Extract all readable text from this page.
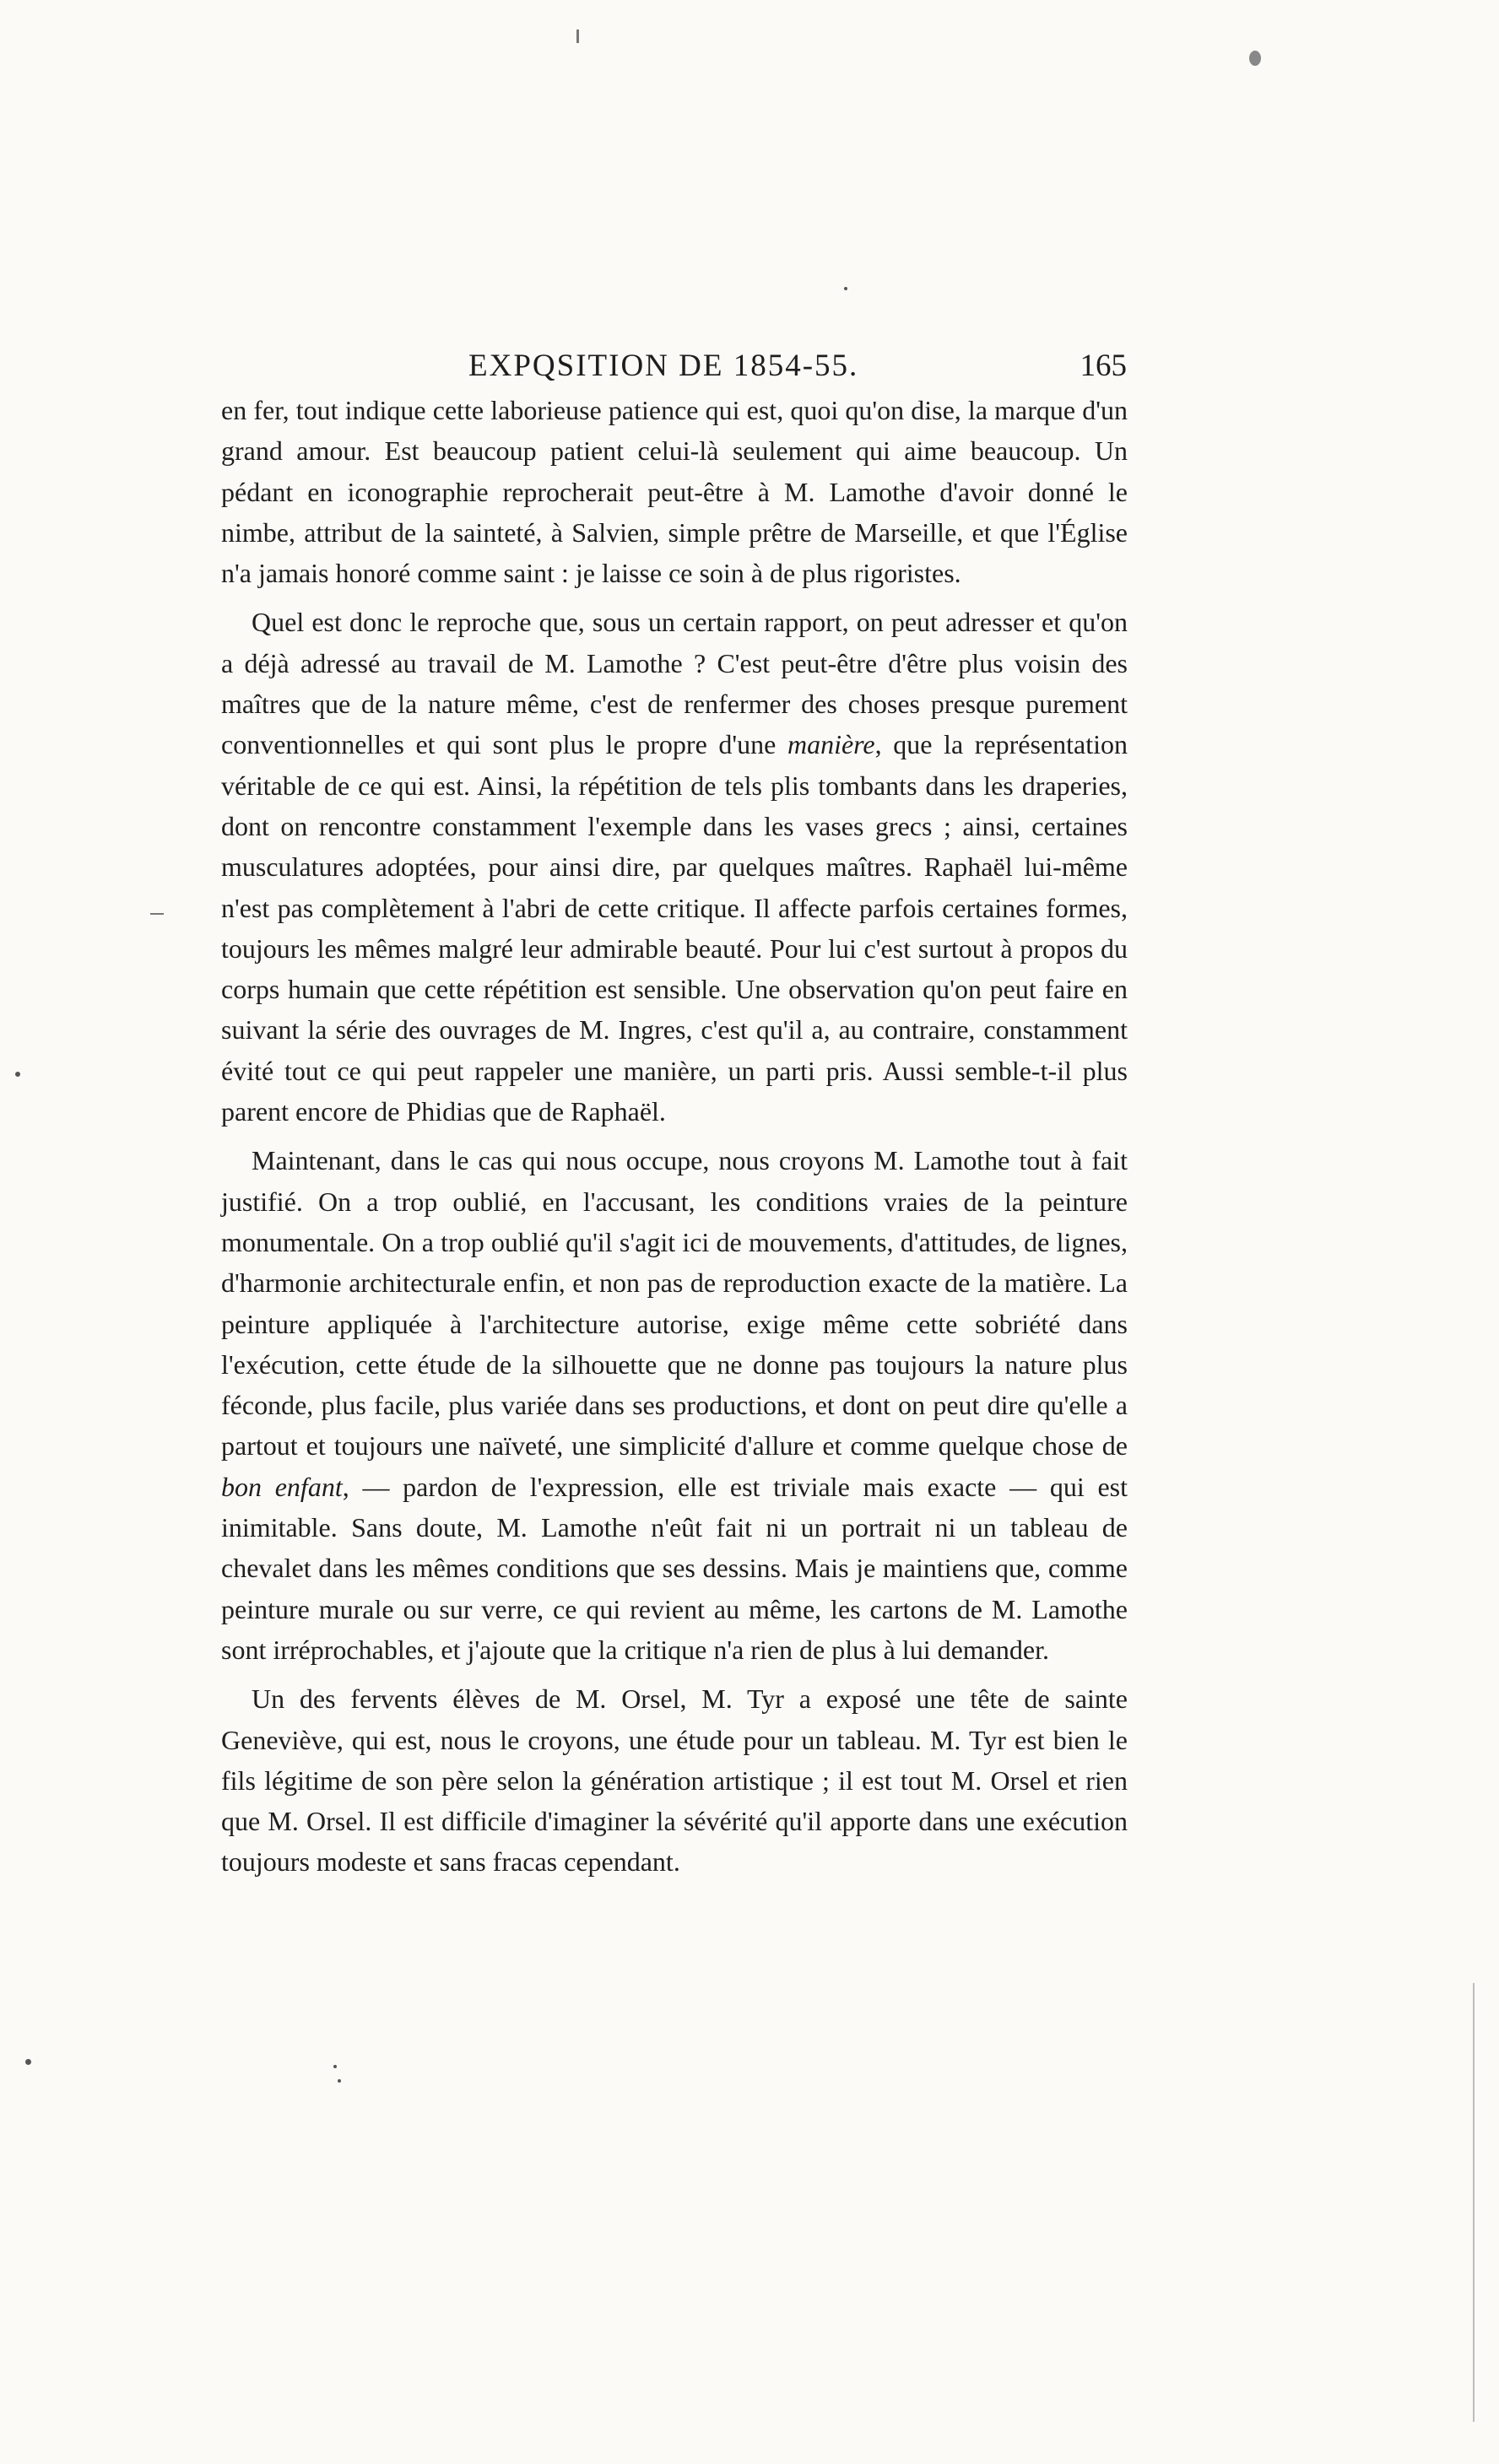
EXPQSITION DE 1854-55.	165

en fer, tout indique cette laborieuse patience qui est, quoi qu'on dise, la marque d'un grand amour. Est beaucoup patient celui-là seulement qui aime beaucoup. Un pédant en iconographie reprocherait peut-être à M. Lamothe d'avoir donné le nimbe, attribut de la sainteté, à Salvien, simple prêtre de Marseille, et que l'Église n'a jamais honoré comme saint : je laisse ce soin à de plus rigoristes.

Quel est donc le reproche que, sous un certain rapport, on peut adresser et qu'on a déjà adressé au travail de M. Lamothe ? C'est peut-être d'être plus voisin des maîtres que de la nature même, c'est de renfermer des choses presque purement conventionnelles et qui sont plus le propre d'une manière, que la représentation véritable de ce qui est. Ainsi, la répétition de tels plis tombants dans les draperies, dont on rencontre constamment l'exemple dans les vases grecs ; ainsi, certaines musculatures adoptées, pour ainsi dire, par quelques maîtres. Raphaël lui-même n'est pas complètement à l'abri de cette critique. Il affecte parfois certaines formes, toujours les mêmes malgré leur admirable beauté. Pour lui c'est surtout à propos du corps humain que cette répétition est sensible. Une observation qu'on peut faire en suivant la série des ouvrages de M. Ingres, c'est qu'il a, au contraire, constamment évité tout ce qui peut rappeler une manière, un parti pris. Aussi semble-t-il plus parent encore de Phidias que de Raphaël.

Maintenant, dans le cas qui nous occupe, nous croyons M. Lamothe tout à fait justifié. On a trop oublié, en l'accusant, les conditions vraies de la peinture monumentale. On a trop oublié qu'il s'agit ici de mouvements, d'attitudes, de lignes, d'harmonie architecturale enfin, et non pas de reproduction exacte de la matière. La peinture appliquée à l'architecture autorise, exige même cette sobriété dans l'exécution, cette étude de la silhouette que ne donne pas toujours la nature plus féconde, plus facile, plus variée dans ses productions, et dont on peut dire qu'elle a partout et toujours une naïveté, une simplicité d'allure et comme quelque chose de bon enfant, — pardon de l'expression, elle est triviale mais exacte — qui est inimitable. Sans doute, M. Lamothe n'eût fait ni un portrait ni un tableau de chevalet dans les mêmes conditions que ses dessins. Mais je maintiens que, comme peinture murale ou sur verre, ce qui revient au même, les cartons de M. Lamothe sont irréprochables, et j'ajoute que la critique n'a rien de plus à lui demander.

Un des fervents élèves de M. Orsel, M. Tyr a exposé une tête de sainte Geneviève, qui est, nous le croyons, une étude pour un tableau. M. Tyr est bien le fils légitime de son père selon la génération artistique ; il est tout M. Orsel et rien que M. Orsel. Il est difficile d'imaginer la sévérité qu'il apporte dans une exécution toujours modeste et sans fracas cependant.
